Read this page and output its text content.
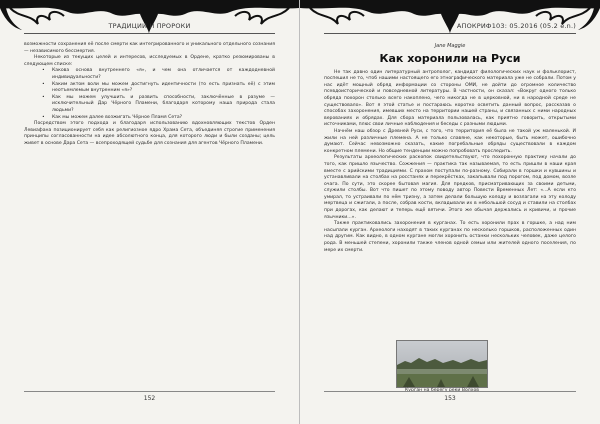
ТРАДИЦИИ И ПРОРОКИ

возможности сохранения её после смерти как интегрированного и уникального отдельного сознания — независимого бессмертия.

Некоторые из текущих целей и интересов, исследуемых в Ордене, кратко резюмированы в следующем списке:

• Какова основа внутреннего «я», и чем она отличается от каждодневной индивидуальности?
• Каким актом воли мы можем достигнуть идентичности (то есть признать её) с этим неотъемлемым внутренним «я»?
• Как мы можем улучшить и развить способности, заключённые в разуме — исключительный Дар Чёрного Пламени, благодаря которому наша природа стала людьми?
• Как мы можем далее возжигать Чёрное Пламя Сета?

Посредством этого подхода и благодаря использованию вдохновляющих текстов Орден Левиафана позиционирует себя как религиозное ядро Храма Сета, объединяя строгие применения принципы согласованности на идее абсолютного конца, для которого люди и были созданы; цель живет в основе Дара Сета — всепроходящей судьбе для сознания для агентов Чёрного Пламени.

152
АПОКРИФ103: 05.2016 (05.2 e.n.)
Jane Maggie
Как хоронили на Руси

Не так давно один литературный антрополог, кандидат филологических наук и фольклорист, поспешил не то, чтоб нашими настоящего его этнографического материала уже не собрали. Потом у нас идёт мощный обряд информации со стороны ОМИ, не дойти до огромное количество псевдоисторической и повседневной литературы. В частности, он сказал: «Вокруг одного только обряда похорон столько всего накоплено, чего никогда не в церковной, ни в народной среде не существовало». Вот я этой статье и постараюсь коротко осветить данный вопрос, рассказав о способах захоронения, имевших место на территории нашей страны, и связанных с ними народных верованиях и обрядах. Для сбора материала пользовалась, как приятно говорить, открытыми источниками, плюс свои личные наблюдения и беседы с разными людьми.

Начнём наш обзор с Древней Руси, с того, что территория её была не такой уж маленькой. И жили на ней различные племена. А не только славяне, как некоторые, быть может, ошибочно думают. Сейчас невозможно сказать, какие погребальные обряды существовали в каждом конкретном племени. Но общие тенденции можно попробовать проследить.

Результаты археологических раскопок свидетельствуют, что похоронную практику начали до того, как пришло язычество. Сожжения — практика так называемая, то есть пришли в наши края вместе с арийскими традициями. С прахом поступали по-разному. Собирали в горшки и кувшины и устанавливали на столбах на росстанях и перекрёстках, закапывали под порогом, под домом, возле очага. По сути, это скорее бытовая магия. Для предков, присматривающих за своими детьми, служили столбы. Вот что пишет по этому поводу автор Повести Временных Лет: «...А если кто умирал, то устраивали по нём тризну, а затем делали большую колоду и возлагали на эту колоду мертвеца и сжигали, а после, собрав кости, вкладывали их в небольшой сосуд и ставили на столбах при дорогах, как делают и теперь ещё вятичи. Этого же обычая держались и кривичи, и прочие язычники...».

Также практиковались захоронения в курганах. То есть хоронили прах в горшке, а над ним насыпали курган. Археологи находят в таких курганах по несколько горшков, расположенных один над другим. Как видно, в одном кургане могли хоронить останки нескольких человек, даже целого рода. В меньшей степени, хоронили также членов одной семьи или жителей одного поселения, по мере их смерти.

Курган на берегу реки Волхов
153
